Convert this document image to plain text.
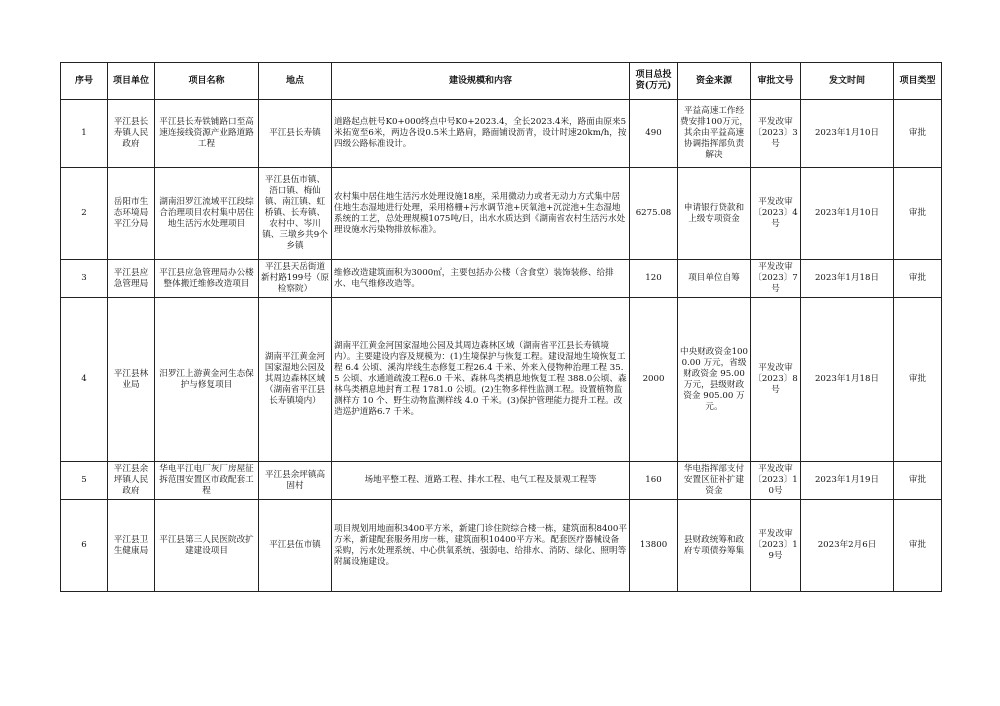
序号	项目单位	项目名称	地点	建设规模和内容	项目总投资(万元)	资金来源	审批文号	发文时间	项目类型
1	平江县长寿镇人民政府	平江县长寿铁铺路口至高速连接线资源产业路道路工程	平江县长寿镇	道路起点桩号K0+000终点中号K0+2023.4，全长2023.4米，路面由原来5米拓宽至6米，两边各设0.5米土路肩，路面铺设沥青，设计时速20km/h，按四级公路标准设计。	490	平益高速工作经费安排100万元，其余由平益高速协调指挥部负责解决	平发改审〔2023〕3号	2023年1月10日	审批
2	岳阳市生态环境局平江分局	湖南汨罗江流域平江段综合治理项目农村集中居住地生活污水处理项目	平江县伍市镇、浯口镇、梅仙镇、南江镇、虹桥镇、长寿镇、农村中、岑川镇、三墩乡共9个乡镇	农村集中居住地生活污水处理设施18座，采用微动力或者无动力方式集中居住地生态湿地进行处理，采用格栅+污水调节池+厌氧池+沉淀池+生态湿地系统的工艺，总处理规模1075吨/日，出水水质达到《湖南省农村生活污水处理设施水污染物排放标准》。	6275.08	申请银行贷款和上级专项资金	平发改审〔2023〕4号	2023年1月10日	审批
3	平江县应急管理局	平江县应急管理局办公楼整体搬迁维修改造项目	平江县天岳街道新村路199号（原检察院）	维修改造建筑面积为3000㎡，主要包括办公楼（含食堂）装饰装修、给排水、电气维修改造等。	120	项目单位自筹	平发改审〔2023〕7号	2023年1月18日	审批
4	平江县林业局	汨罗江上游黄金河生态保护与修复项目	湖南平江黄金河国家湿地公园及其周边森林区域（湖南省平江县长寿镇境内）	湖南平江黄金河国家湿地公园及其周边森林区域（湖南省平江县长寿镇境内）。主要建设内容及规模为：(1)生境保护与恢复工程。建设湿地生境恢复工程 6.4 公顷、溪沟岸线生态修复工程26.4 千米、外来入侵物种治理工程 35.5 公顷、水通道疏浚工程6.0 千米、森林鸟类栖息地恢复工程 388.0公顷、森林鸟类栖息地封育工程 1781.0 公顷。(2)生物多样性监测工程。设置植物监测样方 10 个、野生动物监测样线 4.0 千米。(3)保护管理能力提升工程。改造巡护道路6.7 千米。	2000	中央财政资金1000.00 万元，省级财政资金 95.00 万元，县级财政资金 905.00 万元。	平发改审〔2023〕8号	2023年1月18日	审批
5	平江县余坪镇人民政府	华电平江电厂灰厂房屋征拆范围安置区市政配套工程	平江县余坪镇高固村	场地平整工程、道路工程、排水工程、电气工程及景观工程等	160	华电指挥部支付安置区征补扩建资金	平发改审〔2023〕10号	2023年1月19日	审批
6	平江县卫生健康局	平江县第三人民医院改扩建建设项目	平江县伍市镇	项目规划用地面积3400平方米，新建门诊住院综合楼一栋，建筑面积8400平方米，新建配套服务用房一栋，建筑面积10400平方米。配套医疗器械设备采购，污水处理系统、中心供氧系统、强弱电、给排水、消防、绿化、照明等附属设施建设。	13800	县财政统筹和政府专项债券筹集	平发改审〔2023〕19号	2023年2月6日	审批
